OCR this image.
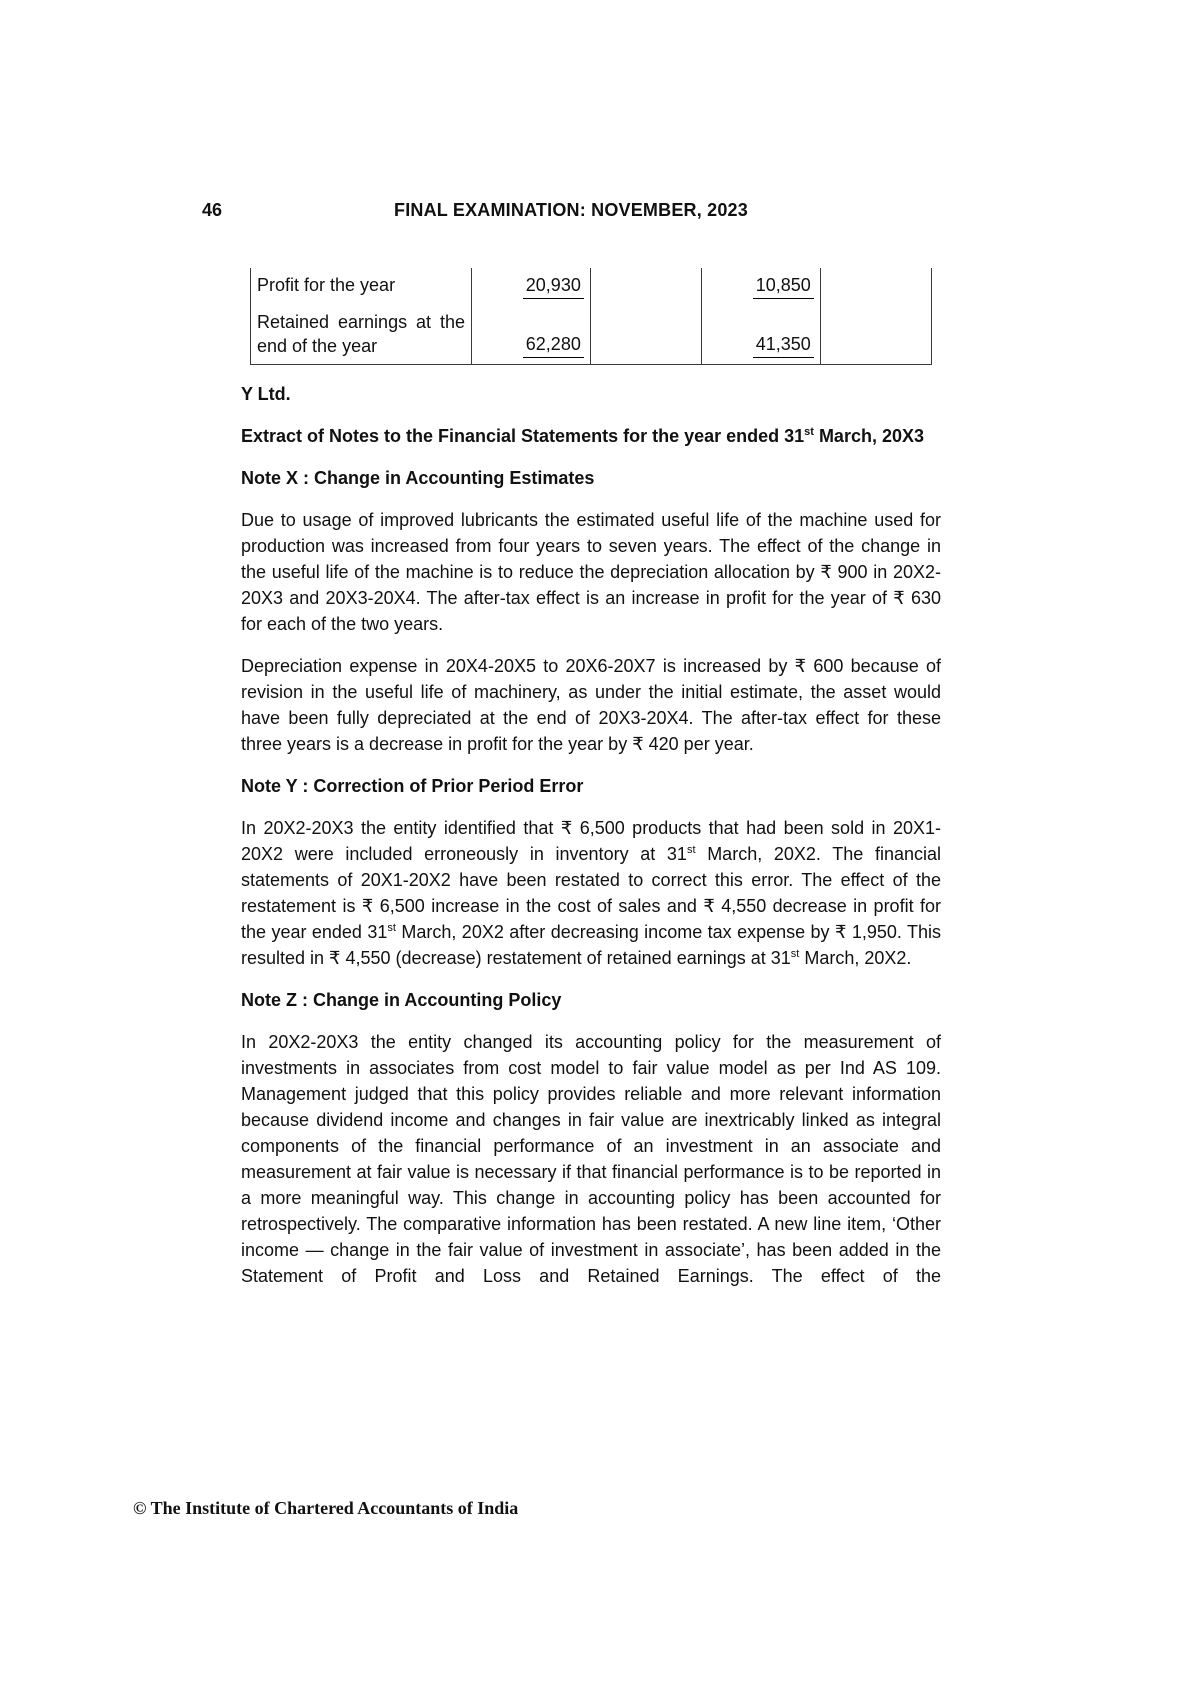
46	FINAL EXAMINATION: NOVEMBER, 2023
Profit for the year	20,930		10,850	
Retained earnings at the end of the year	62,280		41,350	
Y Ltd.
Extract of Notes to the Financial Statements for the year ended 31st March, 20X3
Note X : Change in Accounting Estimates

Due to usage of improved lubricants the estimated useful life of the machine used for production was increased from four years to seven years. The effect of the change in the useful life of the machine is to reduce the depreciation allocation by ₹ 900 in 20X2-20X3 and 20X3-20X4. The after-tax effect is an increase in profit for the year of ₹ 630 for each of the two years.

Depreciation expense in 20X4-20X5 to 20X6-20X7 is increased by ₹ 600 because of revision in the useful life of machinery, as under the initial estimate, the asset would have been fully depreciated at the end of 20X3-20X4. The after-tax effect for these three years is a decrease in profit for the year by ₹ 420 per year.

Note Y : Correction of Prior Period Error

In 20X2-20X3 the entity identified that ₹ 6,500 products that had been sold in 20X1-20X2 were included erroneously in inventory at 31st March, 20X2. The financial statements of 20X1-20X2 have been restated to correct this error. The effect of the restatement is ₹ 6,500 increase in the cost of sales and ₹ 4,550 decrease in profit for the year ended 31st March, 20X2 after decreasing income tax expense by ₹ 1,950. This resulted in ₹ 4,550 (decrease) restatement of retained earnings at 31st March, 20X2.

Note Z : Change in Accounting Policy

In 20X2-20X3 the entity changed its accounting policy for the measurement of investments in associates from cost model to fair value model as per Ind AS 109. Management judged that this policy provides reliable and more relevant information because dividend income and changes in fair value are inextricably linked as integral components of the financial performance of an investment in an associate and measurement at fair value is necessary if that financial performance is to be reported in a more meaningful way. This change in accounting policy has been accounted for retrospectively. The comparative information has been restated. A new line item, ‘Other income — change in the fair value of investment in associate’, has been added in the Statement of Profit and Loss and Retained Earnings. The effect of the

© The Institute of Chartered Accountants of India
